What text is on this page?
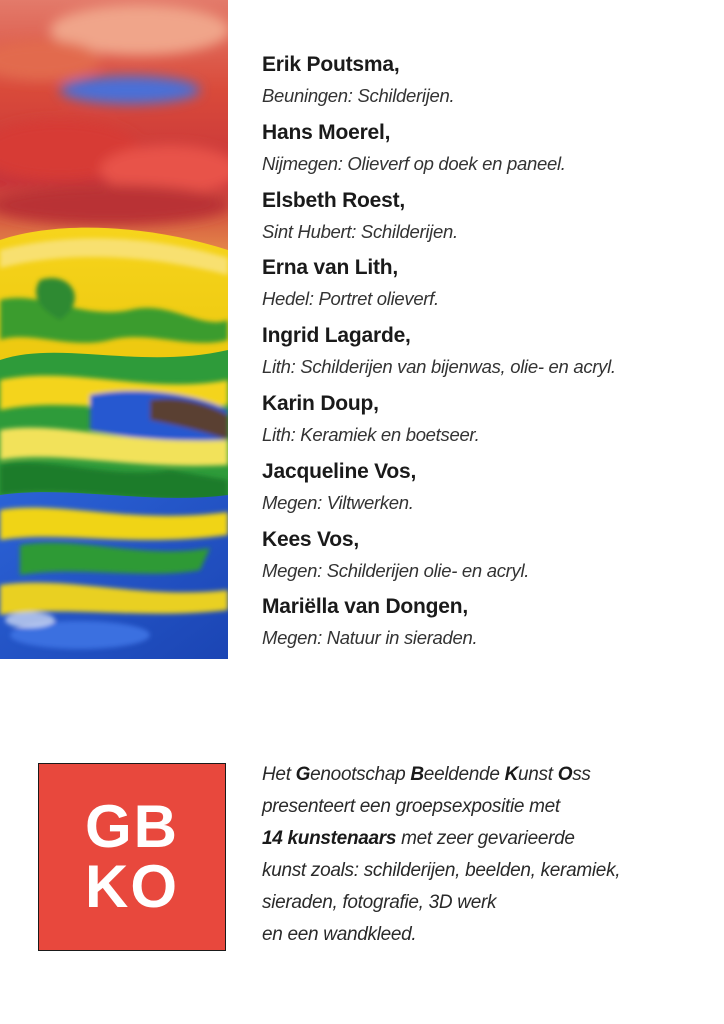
Erik Poutsma,
Beuningen: Schilderijen.
Hans Moerel,
Nijmegen: Olieverf op doek en paneel.
Elsbeth Roest,
Sint Hubert: Schilderijen.
Erna van Lith,
Hedel: Portret olieverf.
Ingrid Lagarde,
Lith: Schilderijen van bijenwas, olie- en acryl.
Karin Doup,
Lith: Keramiek en boetseer.
Jacqueline Vos,
Megen: Viltwerken.
Kees Vos,
Megen: Schilderijen olie- en acryl.
Mariëlla van Dongen,
Megen: Natuur in sieraden.
GB
KO
Het Genootschap Beeldende Kunst Oss
presenteert een groepsexpositie met
14 kunstenaars met zeer gevarieerde
kunst zoals: schilderijen, beelden, keramiek,
sieraden, fotografie, 3D werk
en een wandkleed.
